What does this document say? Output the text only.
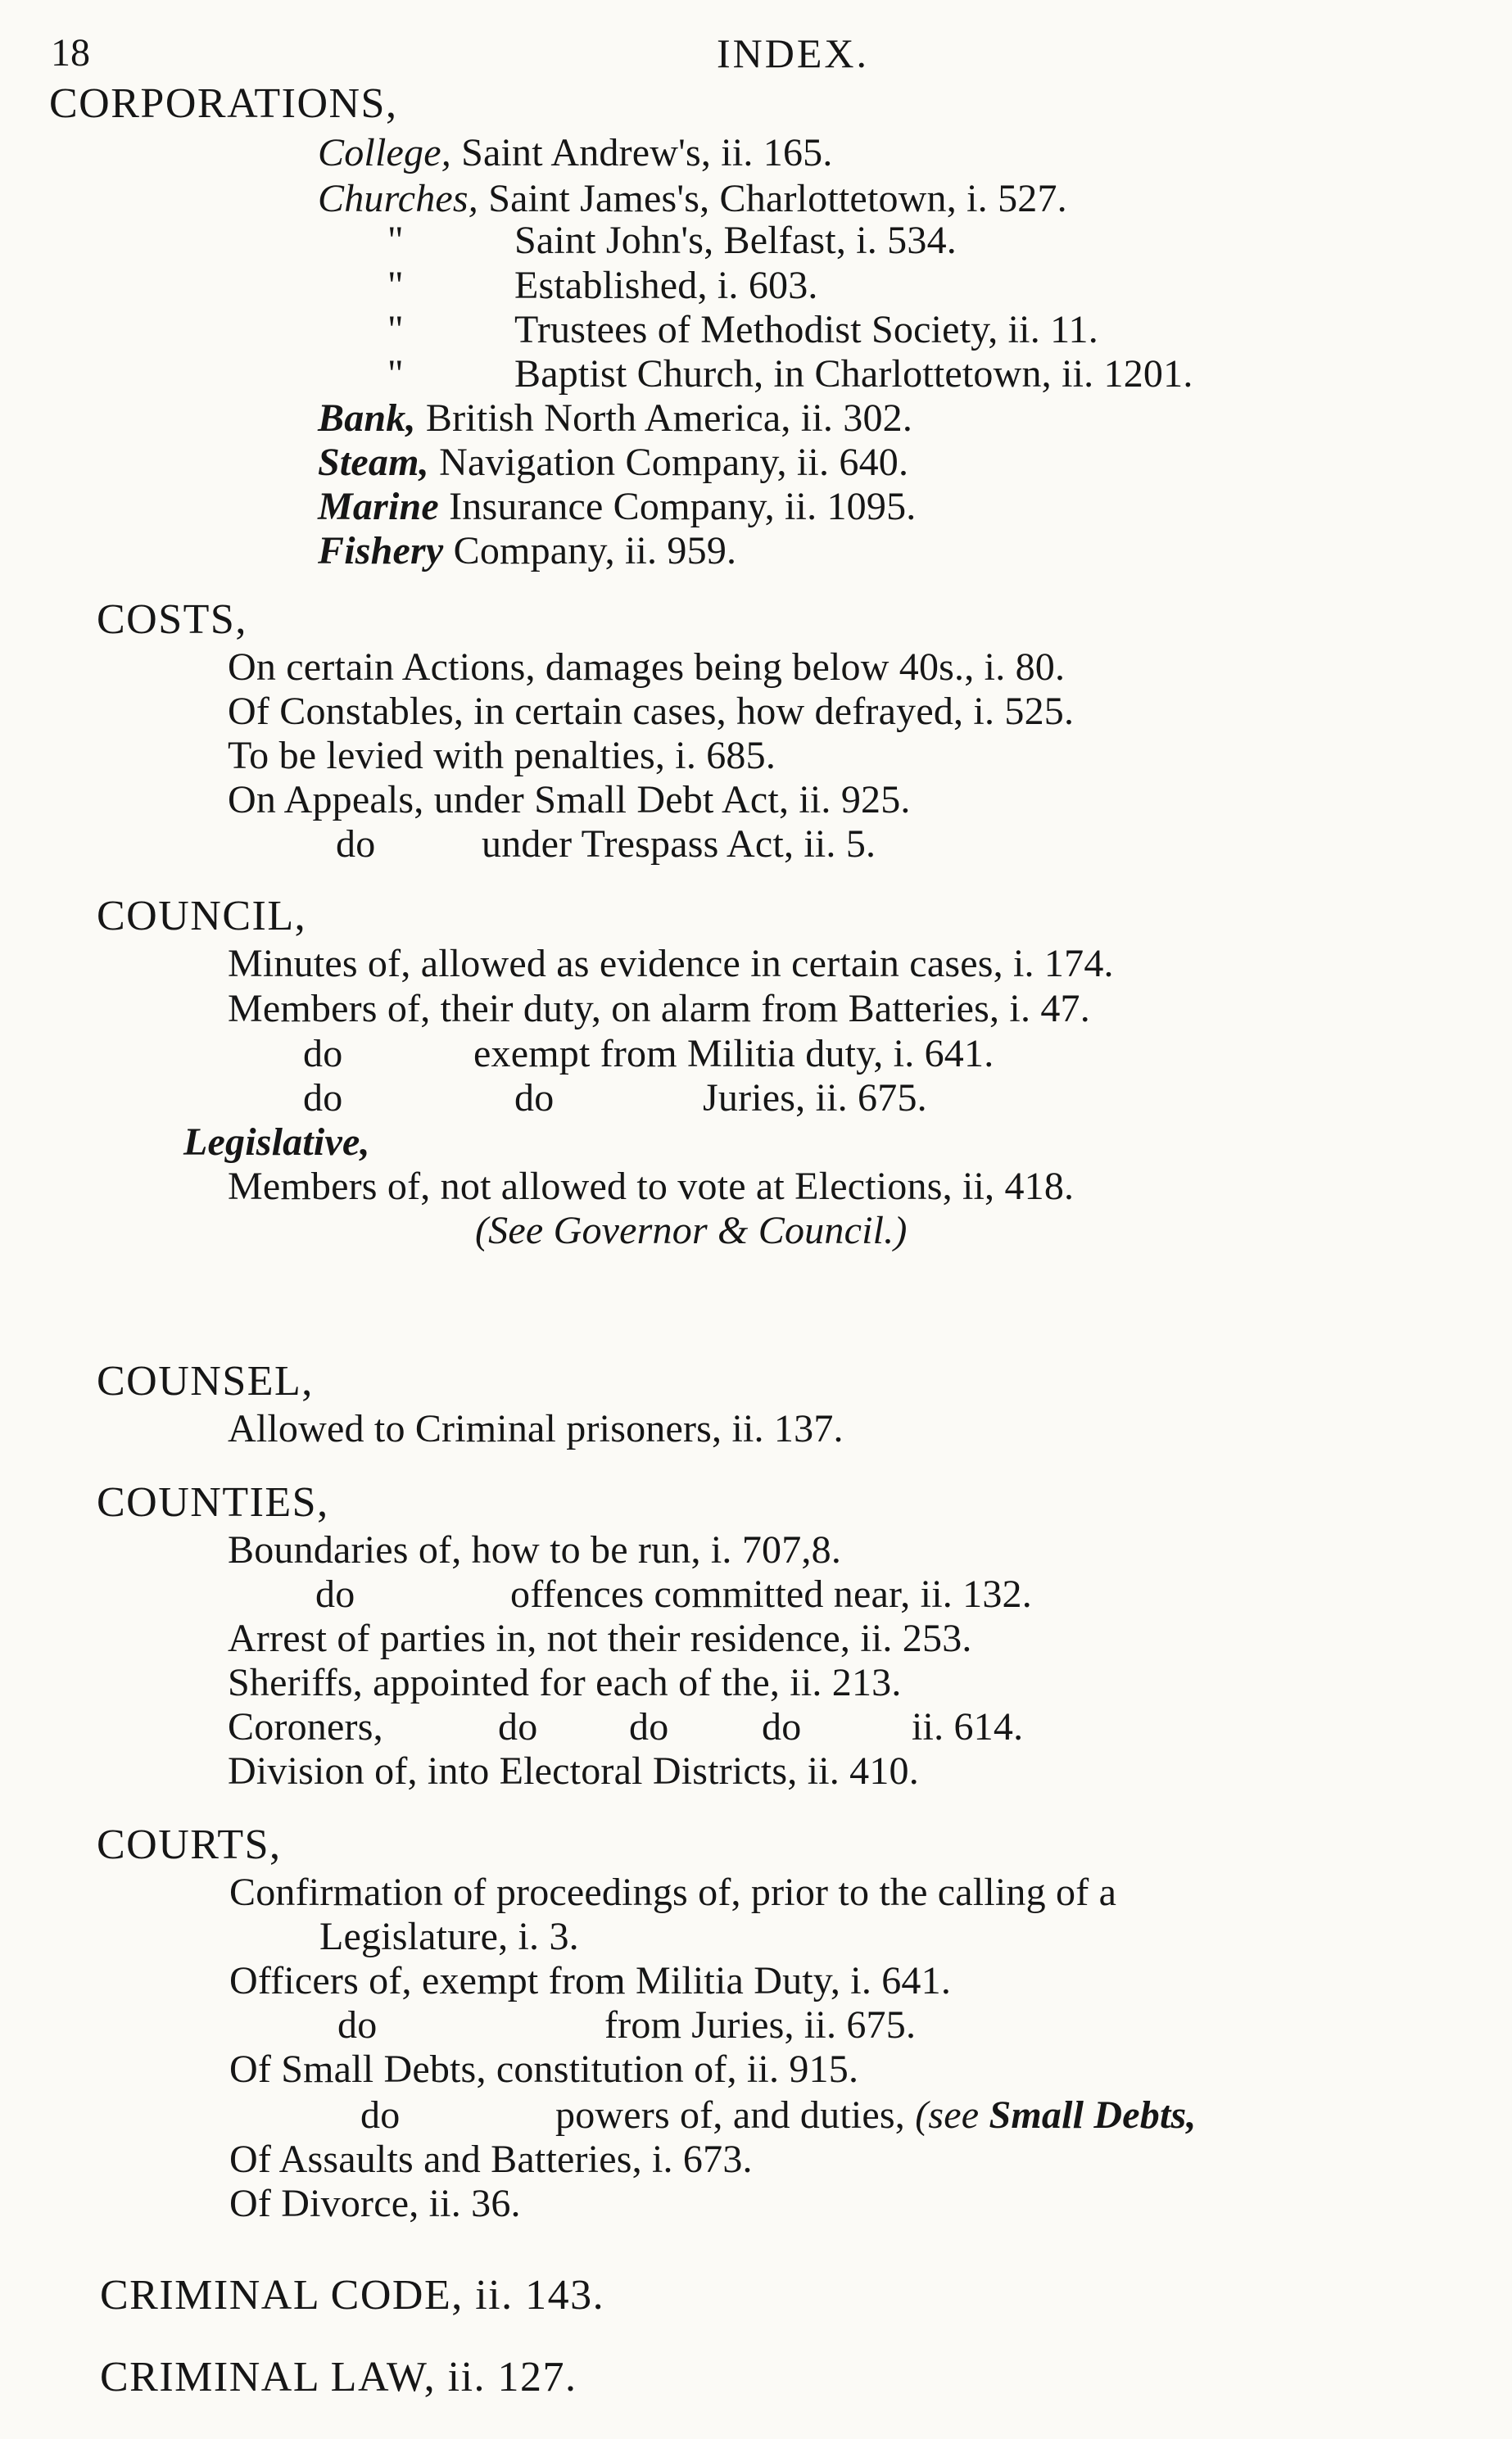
18	INDEX.
CORPORATIONS,
College, Saint Andrew's, ii. 165.
Churches, Saint James's, Charlottetown, i. 527.
"	Saint John's, Belfast, i. 534.
"	Established, i. 603.
"	Trustees of Methodist Society, ii. 11.
"	Baptist Church, in Charlottetown, ii. 1201.
Bank, British North America, ii. 302.
Steam, Navigation Company, ii. 640.
Marine Insurance Company, ii. 1095.
Fishery Company, ii. 959.
COSTS,
On certain Actions, damages being below 40s., i. 80.
Of Constables, in certain cases, how defrayed, i. 525.
To be levied with penalties, i. 685.
On Appeals, under Small Debt Act, ii. 925.
do	under Trespass Act, ii. 5.
COUNCIL,
Minutes of, allowed as evidence in certain cases, i. 174.
Members of, their duty, on alarm from Batteries, i. 47.
do	exempt from Militia duty, i. 641.
do	do	Juries, ii. 675.
Legislative,
Members of, not allowed to vote at Elections, ii, 418.
(See Governor & Council.)
COUNSEL,
Allowed to Criminal prisoners, ii. 137.
COUNTIES,
Boundaries of, how to be run, i. 707,8.
do	offences committed near, ii. 132.
Arrest of parties in, not their residence, ii. 253.
Sheriffs, appointed for each of the, ii. 213.
Coroners,	do do do	ii. 614.
Division of, into Electoral Districts, ii. 410.
COURTS,
Confirmation of proceedings of, prior to the calling of a
Legislature, i. 3.
Officers of, exempt from Militia Duty, i. 641.
do	from Juries, ii. 675.
Of Small Debts, constitution of, ii. 915.
do	powers of, and duties, (see Small Debts,
Of Assaults and Batteries, i. 673.
Of Divorce, ii. 36.
CRIMINAL CODE, ii. 143.
CRIMINAL LAW, ii. 127.
